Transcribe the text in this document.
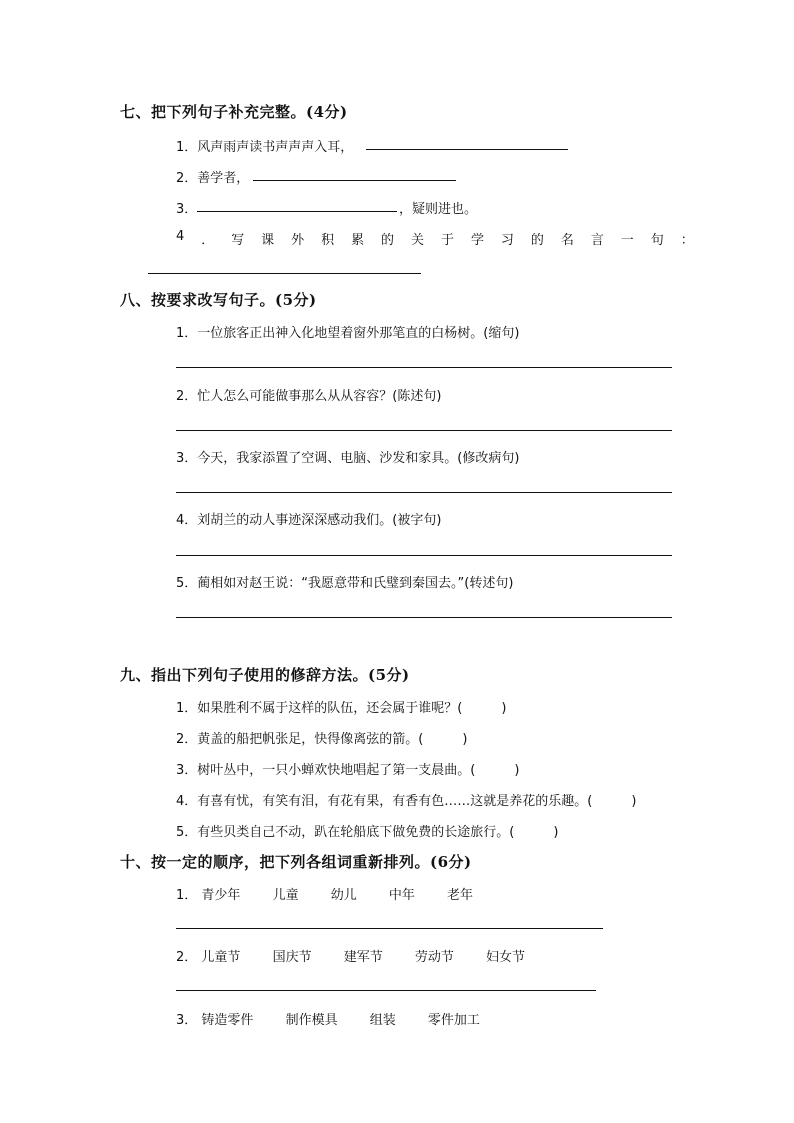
七、把下列句子补充完整。(4分)
1．风声雨声读书声声声入耳，
2．善学者，
3．	，疑则进也。
4 ． 写 课 外 积 累 的 关 于 学 习 的 名 言 一 句 ：
八、按要求改写句子。(5分)
1．一位旅客正出神入化地望着窗外那笔直的白杨树。(缩句)
2．忙人怎么可能做事那么从从容容？(陈述句)
3．今天，我家添置了空调、电脑、沙发和家具。(修改病句)
4．刘胡兰的动人事迹深深感动我们。(被字句)
5．蔺相如对赵王说：“我愿意带和氏璧到秦国去。”(转述句)
九、指出下列句子使用的修辞方法。(5分)
1．如果胜利不属于这样的队伍，还会属于谁呢？(　　　)
2．黄盖的船把帆张足，快得像离弦的箭。(　　　)
3．树叶丛中，一只小蝉欢快地唱起了第一支晨曲。(　　　)
4．有喜有忧，有笑有泪，有花有果，有香有色……这就是养花的乐趣。(　　　)
5．有些贝类自己不动，趴在轮船底下做免费的长途旅行。(　　　)
十、按一定的顺序，把下列各组词重新排列。(6分)
1． 青少年 儿童 幼儿 中年 老年
2． 儿童节 国庆节 建军节 劳动节 妇女节
3． 铸造零件 制作模具 组装 零件加工
